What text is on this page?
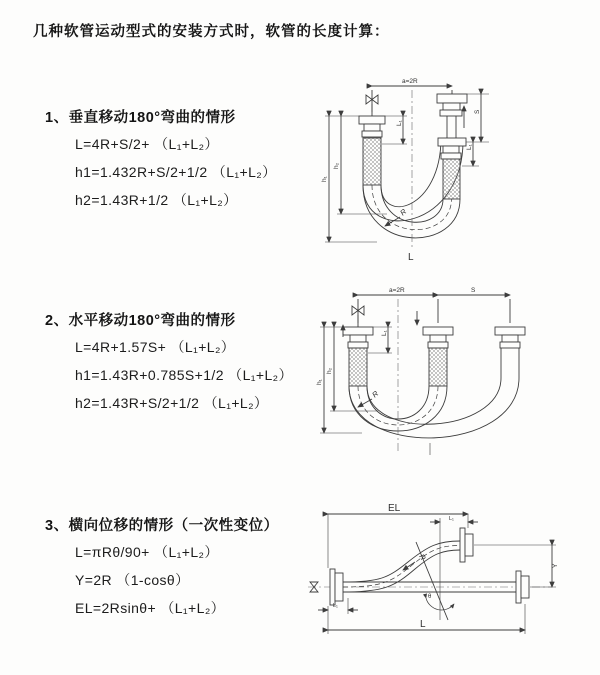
几种软管运动型式的安装方式时，软管的长度计算：
1、垂直移动180°弯曲的情形
L=4R+S/2+ （L₁+L₂）
h1=1.432R+S/2+1/2 （L₁+L₂）
h2=1.43R+1/2 （L₁+L₂）
2、水平移动180°弯曲的情形
L=4R+1.57S+ （L₁+L₂）
h1=1.43R+0.785S+1/2 （L₁+L₂）
h2=1.43R+S/2+1/2 （L₁+L₂）
3、横向位移的情形（一次性变位）
L=πRθ/90+ （L₁+L₂）
Y=2R （1-cosθ）
EL=2Rsinθ+ （L₁+L₂）
a=2R
h₁
h₂
L₁
S
L₁
R
L
a=2R	S
h₁
h₂
L₁
R
EL
L₁
Y
R
θ
L
L₁
